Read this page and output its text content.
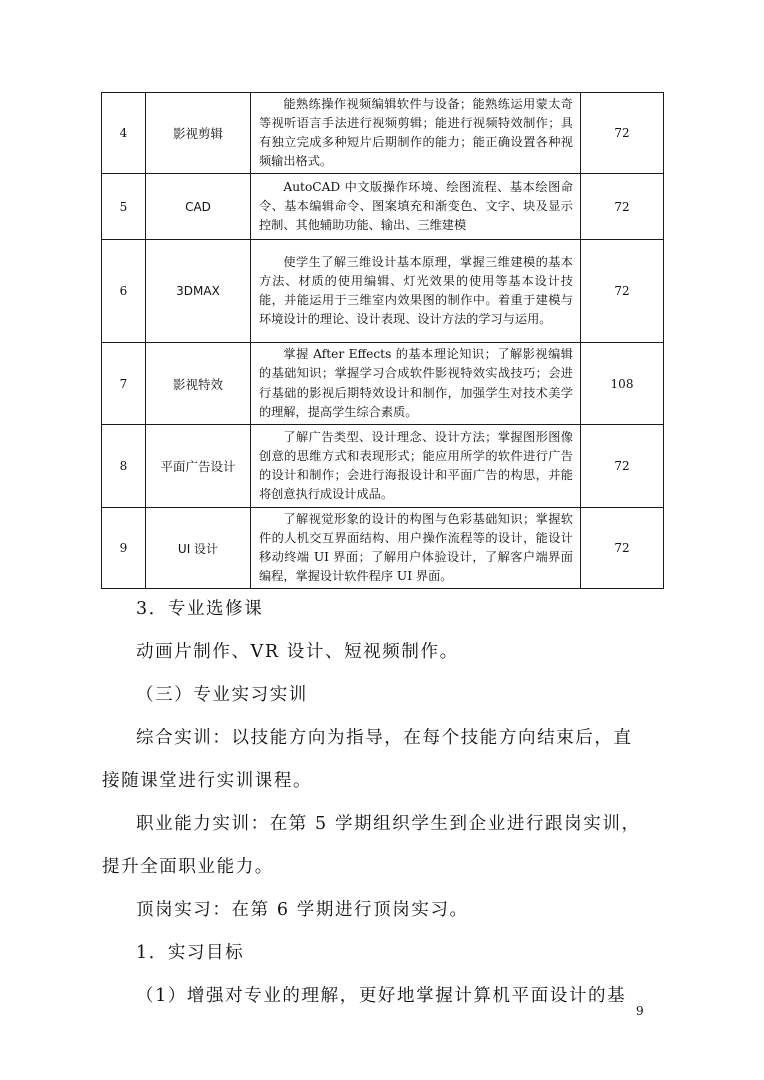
4	影视剪辑	能熟练操作视频编辑软件与设备；能熟练运用蒙太奇等视听语言手法进行视频剪辑；能进行视频特效制作；具有独立完成多种短片后期制作的能力；能正确设置各种视频输出格式。	72
5	CAD	AutoCAD 中文版操作环境、绘图流程、基本绘图命令、基本编辑命令、图案填充和渐变色、文字、块及显示控制、其他辅助功能、输出、三维建模	72
6	3DMAX	使学生了解三维设计基本原理，掌握三维建模的基本方法、材质的使用编辑、灯光效果的使用等基本设计技能，并能运用于三维室内效果图的制作中。着重于建模与环境设计的理论、设计表现、设计方法的学习与运用。	72
7	影视特效	掌握 After Effects 的基本理论知识；了解影视编辑的基础知识；掌握学习合成软件影视特效实战技巧；会进行基础的影视后期特效设计和制作，加强学生对技术美学的理解，提高学生综合素质。	108
8	平面广告设计	了解广告类型、设计理念、设计方法；掌握图形图像创意的思维方式和表现形式；能应用所学的软件进行广告的设计和制作；会进行海报设计和平面广告的构思，并能将创意执行成设计成品。	72
9	UI 设计	了解视觉形象的设计的构图与色彩基础知识；掌握软件的人机交互界面结构、用户操作流程等的设计，能设计移动终端 UI 界面；了解用户体验设计，了解客户端界面编程，掌握设计软件程序 UI 界面。	72

3．专业选修课

动画片制作、VR 设计、短视频制作。

（三）专业实习实训

综合实训：以技能方向为指导，在每个技能方向结束后，直

接随课堂进行实训课程。

职业能力实训：在第 5 学期组织学生到企业进行跟岗实训，

提升全面职业能力。

顶岗实习：在第 6 学期进行顶岗实习。

1．实习目标

（1）增强对专业的理解，更好地掌握计算机平面设计的基

9
